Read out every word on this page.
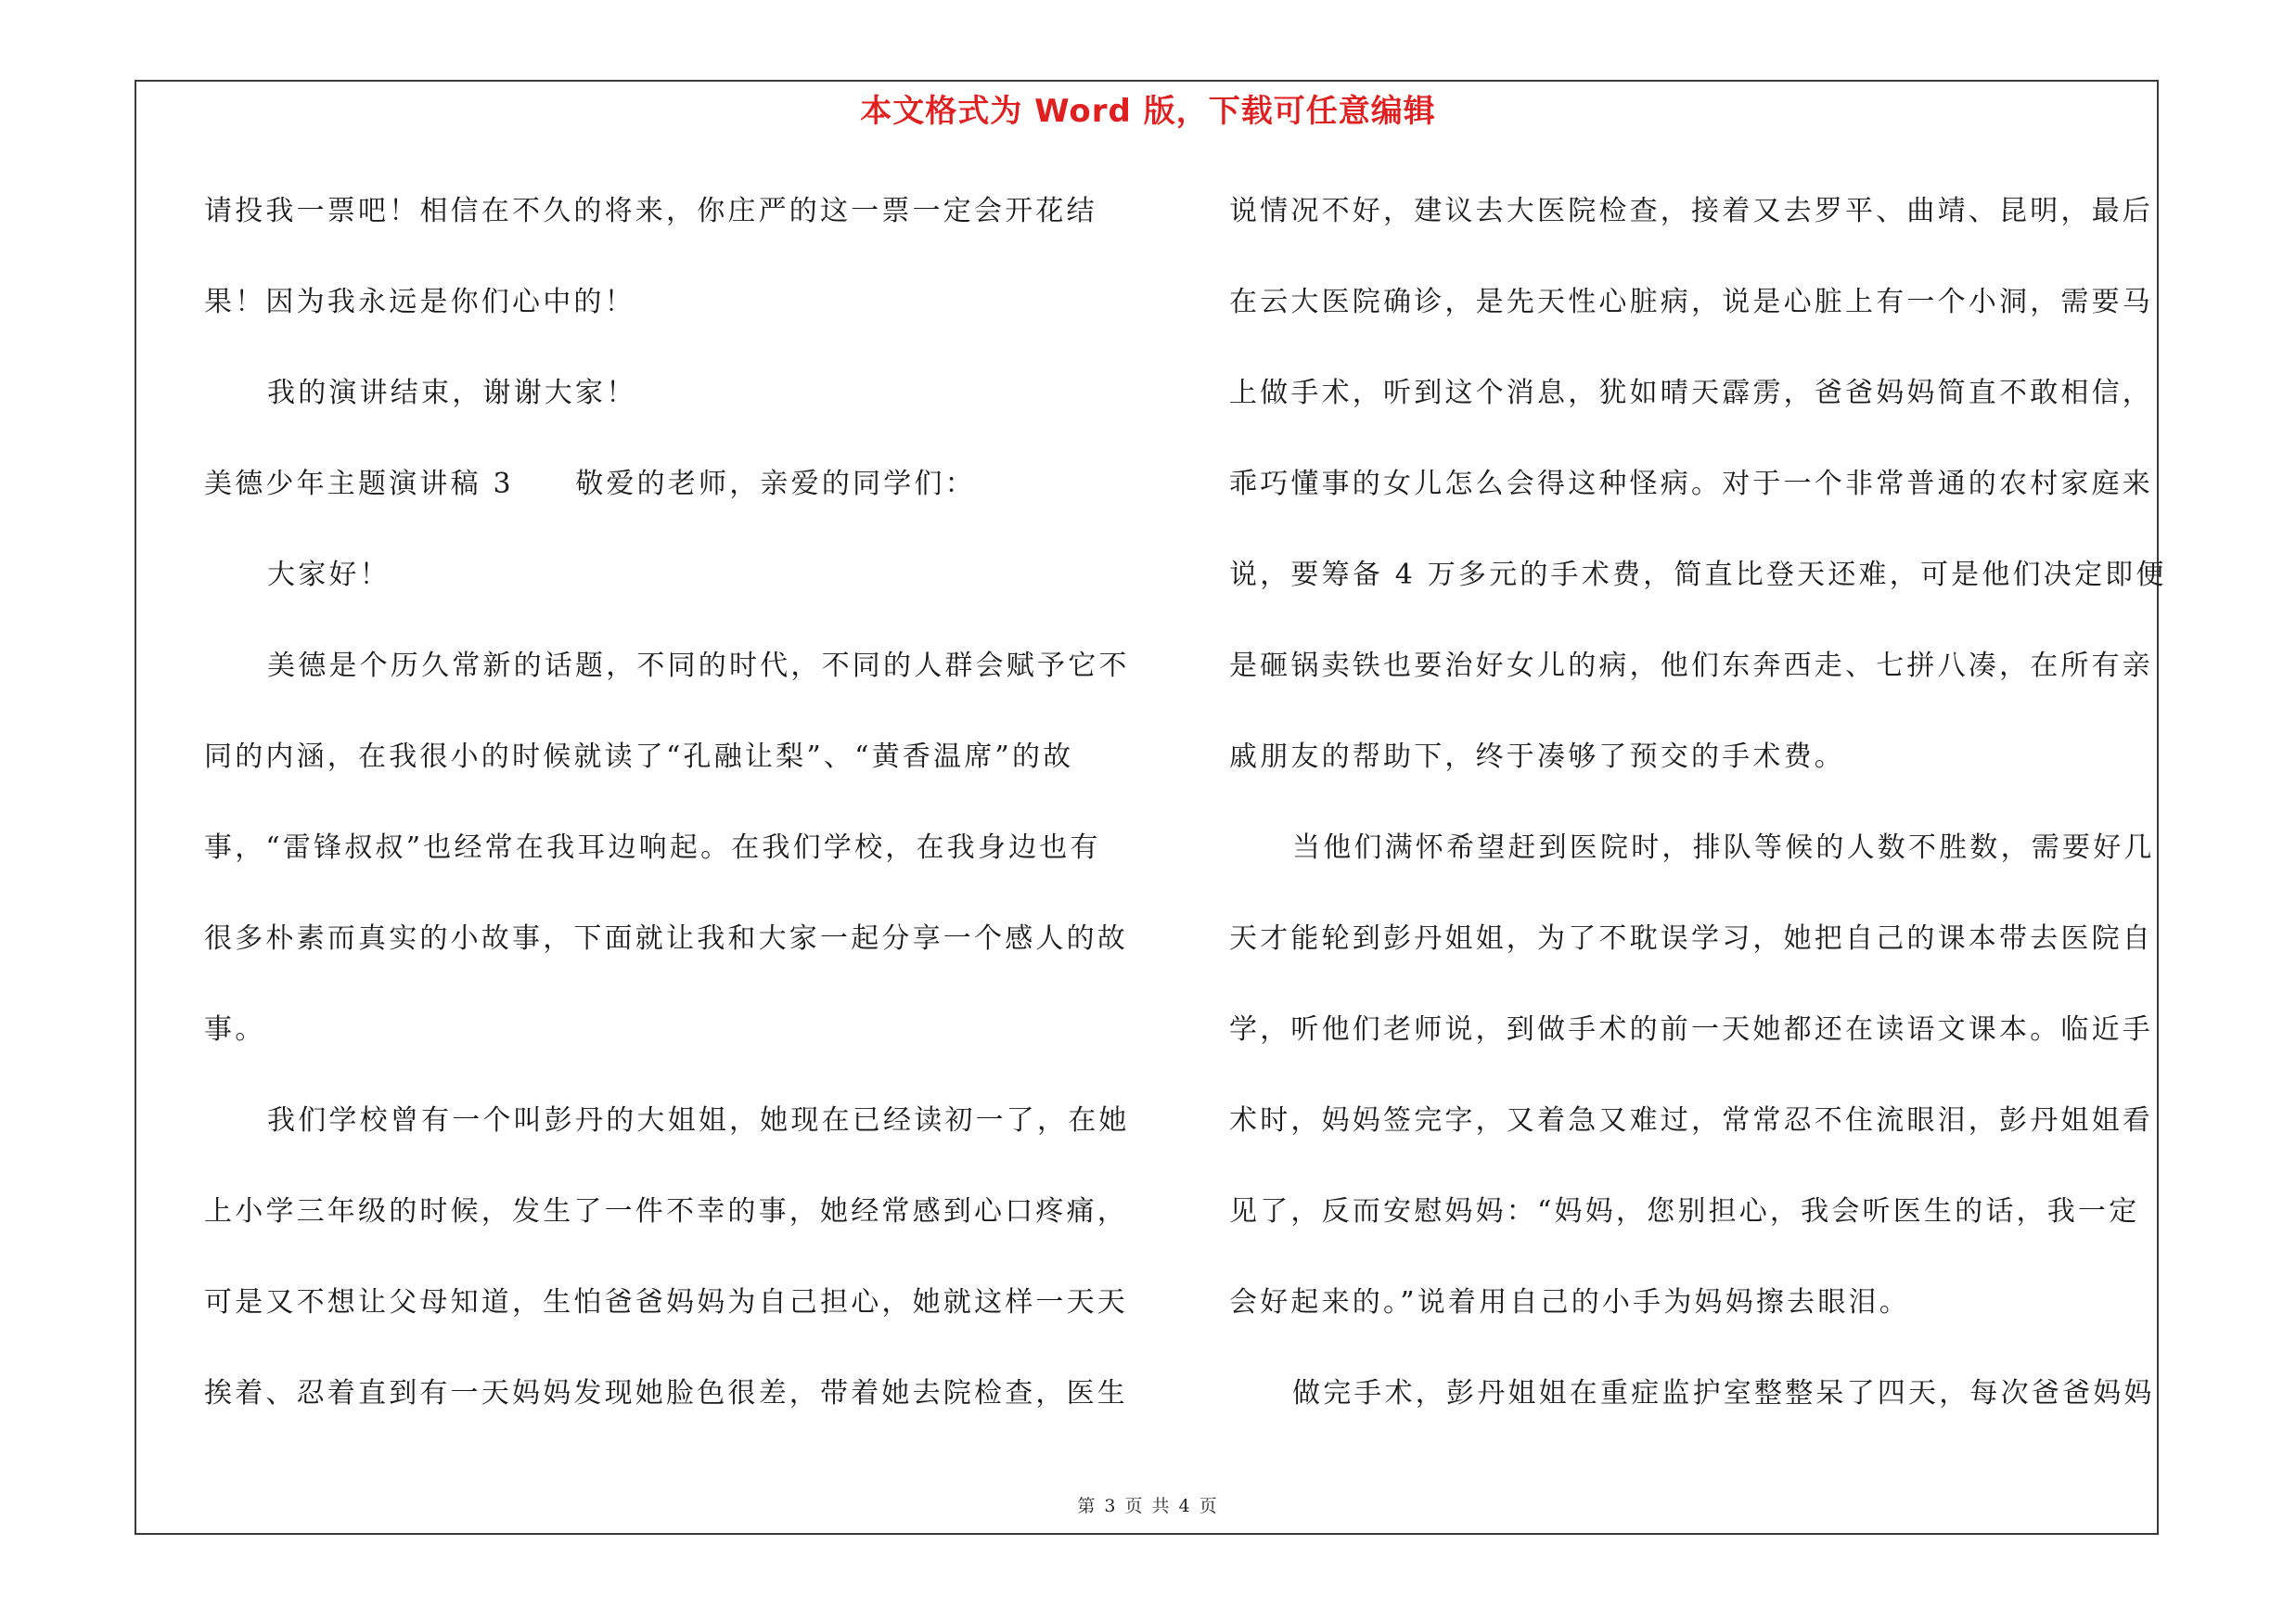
本文格式为 Word 版，下载可任意编辑
请投我一票吧！相信在不久的将来，你庄严的这一票一定会开花结
果！因为我永远是你们心中的！
我的演讲结束，谢谢大家！
美德少年主题演讲稿 3　　敬爱的老师，亲爱的同学们：
大家好！
美德是个历久常新的话题，不同的时代，不同的人群会赋予它不
同的内涵，在我很小的时候就读了“孔融让梨”、“黄香温席”的故
事，“雷锋叔叔”也经常在我耳边响起。在我们学校，在我身边也有
很多朴素而真实的小故事，下面就让我和大家一起分享一个感人的故
事。
我们学校曾有一个叫彭丹的大姐姐，她现在已经读初一了，在她
上小学三年级的时候，发生了一件不幸的事，她经常感到心口疼痛，
可是又不想让父母知道，生怕爸爸妈妈为自己担心，她就这样一天天
挨着、忍着直到有一天妈妈发现她脸色很差，带着她去院检查，医生
说情况不好，建议去大医院检查，接着又去罗平、曲靖、昆明，最后
在云大医院确诊，是先天性心脏病，说是心脏上有一个小洞，需要马
上做手术，听到这个消息，犹如晴天霹雳，爸爸妈妈简直不敢相信，
乖巧懂事的女儿怎么会得这种怪病。对于一个非常普通的农村家庭来
说，要筹备 4 万多元的手术费，简直比登天还难，可是他们决定即便
是砸锅卖铁也要治好女儿的病，他们东奔西走、七拼八凑，在所有亲
戚朋友的帮助下，终于凑够了预交的手术费。
当他们满怀希望赶到医院时，排队等候的人数不胜数，需要好几
天才能轮到彭丹姐姐，为了不耽误学习，她把自己的课本带去医院自
学，听他们老师说，到做手术的前一天她都还在读语文课本。临近手
术时，妈妈签完字，又着急又难过，常常忍不住流眼泪，彭丹姐姐看
见了，反而安慰妈妈：“妈妈，您别担心，我会听医生的话，我一定
会好起来的。”说着用自己的小手为妈妈擦去眼泪。
做完手术，彭丹姐姐在重症监护室整整呆了四天，每次爸爸妈妈
第 3 页 共 4 页
